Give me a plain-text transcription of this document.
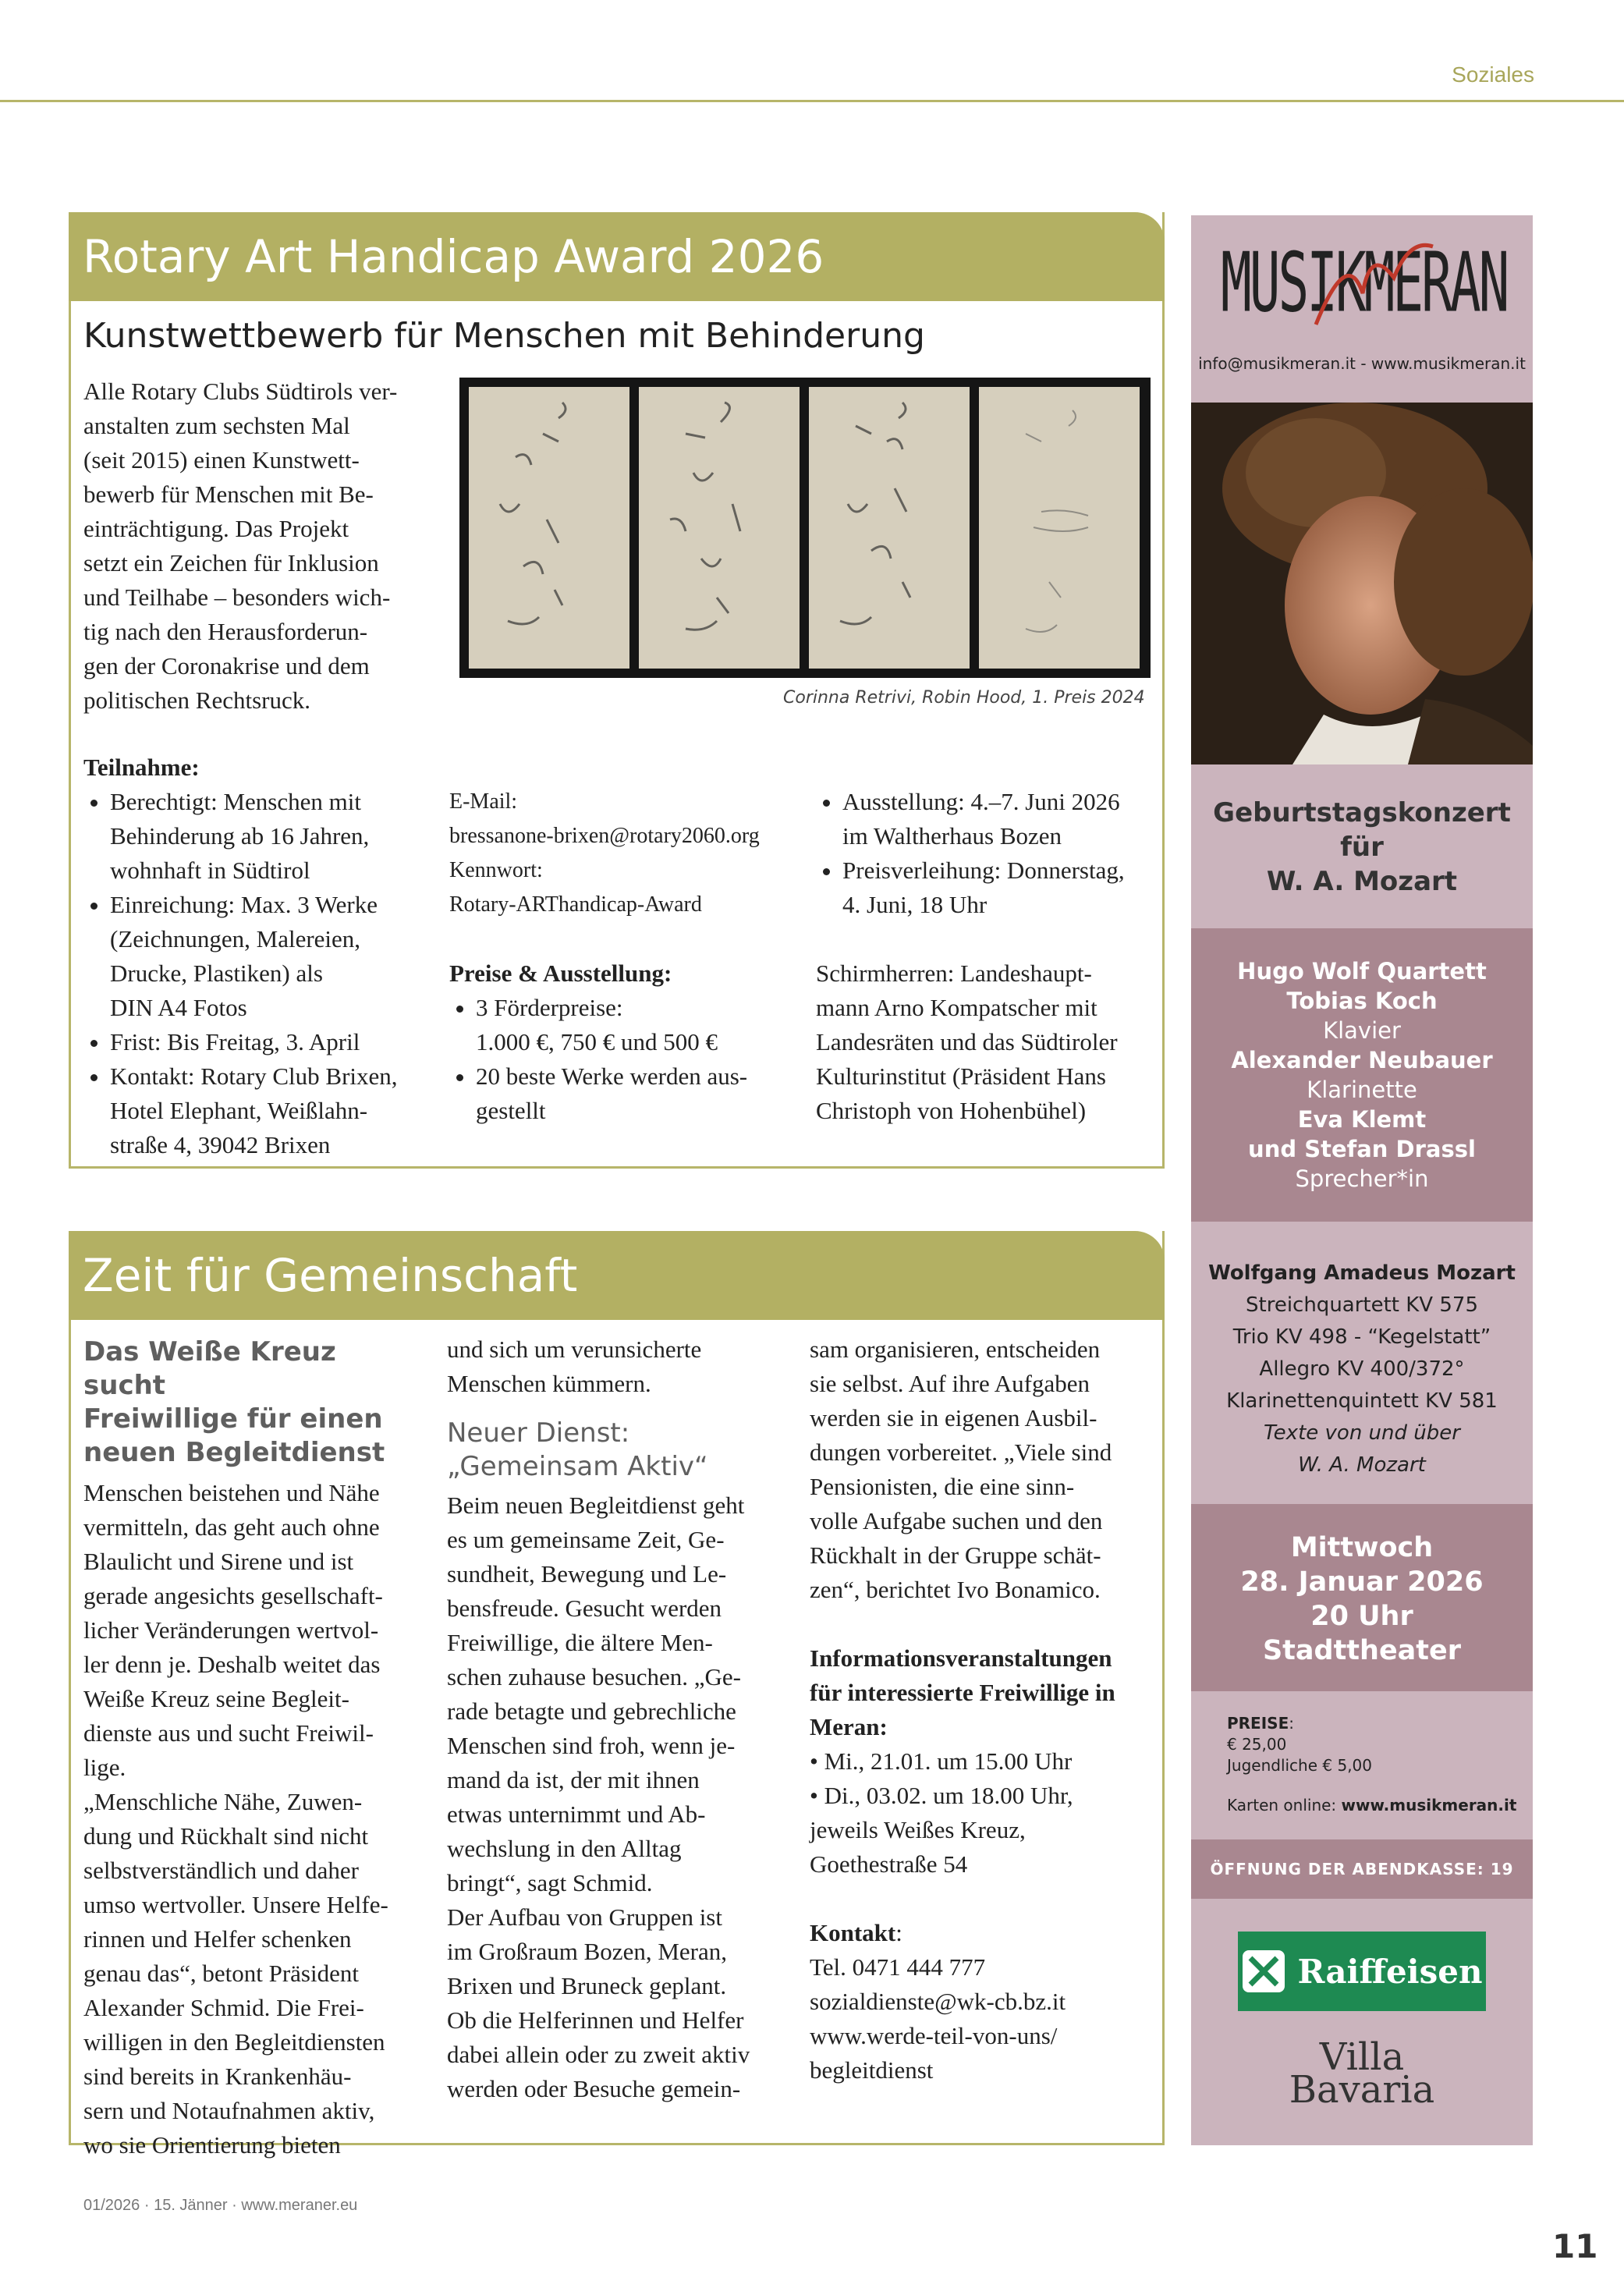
Soziales
Rotary Art Handicap Award 2026
Kunstwettbewerb für Menschen mit Behinderung

Alle Rotary Clubs Südtirols ver-

anstalten zum sechsten Mal

(seit 2015) einen Kunstwett-

bewerb für Menschen mit Be-

einträchtigung. Das Projekt

setzt ein Zeichen für Inklusion

und Teilhabe – besonders wich-

tig nach den Herausforderun-

gen der Coronakrise und dem

politischen Rechtsruck.	Corinna Retrivi, Robin Hood, 1. Preis 2024

Teilnahme:

• Berechtigt: Menschen mit
Behinderung ab 16 Jahren,
wohnhaft in Südtirol
• Einreichung: Max. 3 Werke
(Zeichnungen, Malereien,
Drucke, Plastiken) als
DIN A4 Fotos
• Frist: Bis Freitag, 3. April
• Kontakt: Rotary Club Brixen,
Hotel Elephant, Weißlahn-
straße 4, 39042 Brixen

E-Mail:

bressanone-brixen@rotary2060.org

Kennwort:

Rotary-ARThandicap-Award

Preise & Ausstellung:

• 3 Förderpreise:
1.000 €, 750 € und 500 €
• 20 beste Werke werden aus-
gestellt
• Ausstellung: 4.–7. Juni 2026
im Waltherhaus Bozen
• Preisverleihung: Donnerstag,
4. Juni, 18 Uhr

Schirmherren: Landeshaupt-

mann Arno Kompatscher mit

Landesräten und das Südtiroler

Kulturinstitut (Präsident Hans

Christoph von Hohenbühel)

Zeit für Gemeinschaft
Das Weiße Kreuz sucht
Freiwillige für einen
neuen Begleitdienst

Menschen beistehen und Nähe

vermitteln, das geht auch ohne

Blaulicht und Sirene und ist

gerade angesichts gesellschaft-

licher Veränderungen wertvol-

ler denn je. Deshalb weitet das

Weiße Kreuz seine Begleit-

dienste aus und sucht Freiwil-

lige.

„Menschliche Nähe, Zuwen-

dung und Rückhalt sind nicht

selbstverständlich und daher

umso wertvoller. Unsere Helfe-

rinnen und Helfer schenken

genau das“, betont Präsident

Alexander Schmid. Die Frei-

willigen in den Begleitdiensten

sind bereits in Krankenhäu-

sern und Notaufnahmen aktiv,

wo sie Orientierung bieten

und sich um verunsicherte

Menschen kümmern.

Neuer Dienst:
„Gemeinsam Aktiv“

Beim neuen Begleitdienst geht

es um gemeinsame Zeit, Ge-

sundheit, Bewegung und Le-

bensfreude. Gesucht werden

Freiwillige, die ältere Men-

schen zuhause besuchen. „Ge-

rade betagte und gebrechliche

Menschen sind froh, wenn je-

mand da ist, der mit ihnen

etwas unternimmt und Ab-

wechslung in den Alltag

bringt“, sagt Schmid.

Der Aufbau von Gruppen ist

im Großraum Bozen, Meran,

Brixen und Bruneck geplant.

Ob die Helferinnen und Helfer

dabei allein oder zu zweit aktiv

werden oder Besuche gemein-

sam organisieren, entscheiden

sie selbst. Auf ihre Aufgaben

werden sie in eigenen Ausbil-

dungen vorbereitet. „Viele sind

Pensionisten, die eine sinn-

volle Aufgabe suchen und den

Rückhalt in der Gruppe schät-

zen“, berichtet Ivo Bonamico.

Informationsveranstaltungen

für interessierte Freiwillige in

Meran:

• Mi., 21.01. um 15.00 Uhr

• Di., 03.02. um 18.00 Uhr,

jeweils Weißes Kreuz,

Goethestraße 54

Kontakt:

Tel. 0471 444 777

sozialdienste@wk-cb.bz.it

www.werde-teil-von-uns/

begleitdienst

MUSIKMERAN
info@musikmeran.it - www.musikmeran.it
Geburtstagskonzert
für
W. A. Mozart
Hugo Wolf Quartett
Tobias Koch
Klavier
Alexander Neubauer
Klarinette
Eva Klemt
und Stefan Drassl
Sprecher*in
Wolfgang Amadeus Mozart
Streichquartett KV 575
Trio KV 498 - “Kegelstatt”
Allegro KV 400/372°
Klarinettenquintett KV 581
Texte von und über
W. A. Mozart
Mittwoch
28. Januar 2026
20 Uhr
Stadttheater
PREISE:
€ 25,00
Jugendliche € 5,00
Karten online: www.musikmeran.it
ÖFFNUNG DER ABENDKASSE: 19
Raiffeisen
Villa
Bavaria
01/2026 · 15. Jänner · www.meraner.eu
11
